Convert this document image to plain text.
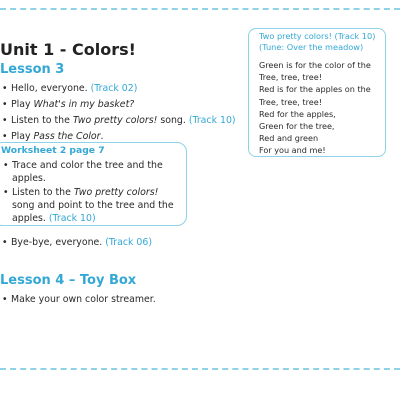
Unit 1 - Colors!
Lesson 3
• Hello, everyone. (Track 02)
• Play What's in my basket?
• Listen to the Two pretty colors! song. (Track 10)
• Play Pass the Color.
Worksheet 2 page 7
• Trace and color the tree and the apples.
• Listen to the Two pretty colors! song and point to the tree and the apples. (Track 10)
• Bye-bye, everyone. (Track 06)
Lesson 4 – Toy Box
• Make your own color streamer.
Two pretty colors! (Track 10)
(Tune: Over the meadow)
Green is for the color of the
Tree, tree, tree!
Red is for the apples on the
Tree, tree, tree!
Red for the apples,
Green for the tree,
Red and green
For you and me!
